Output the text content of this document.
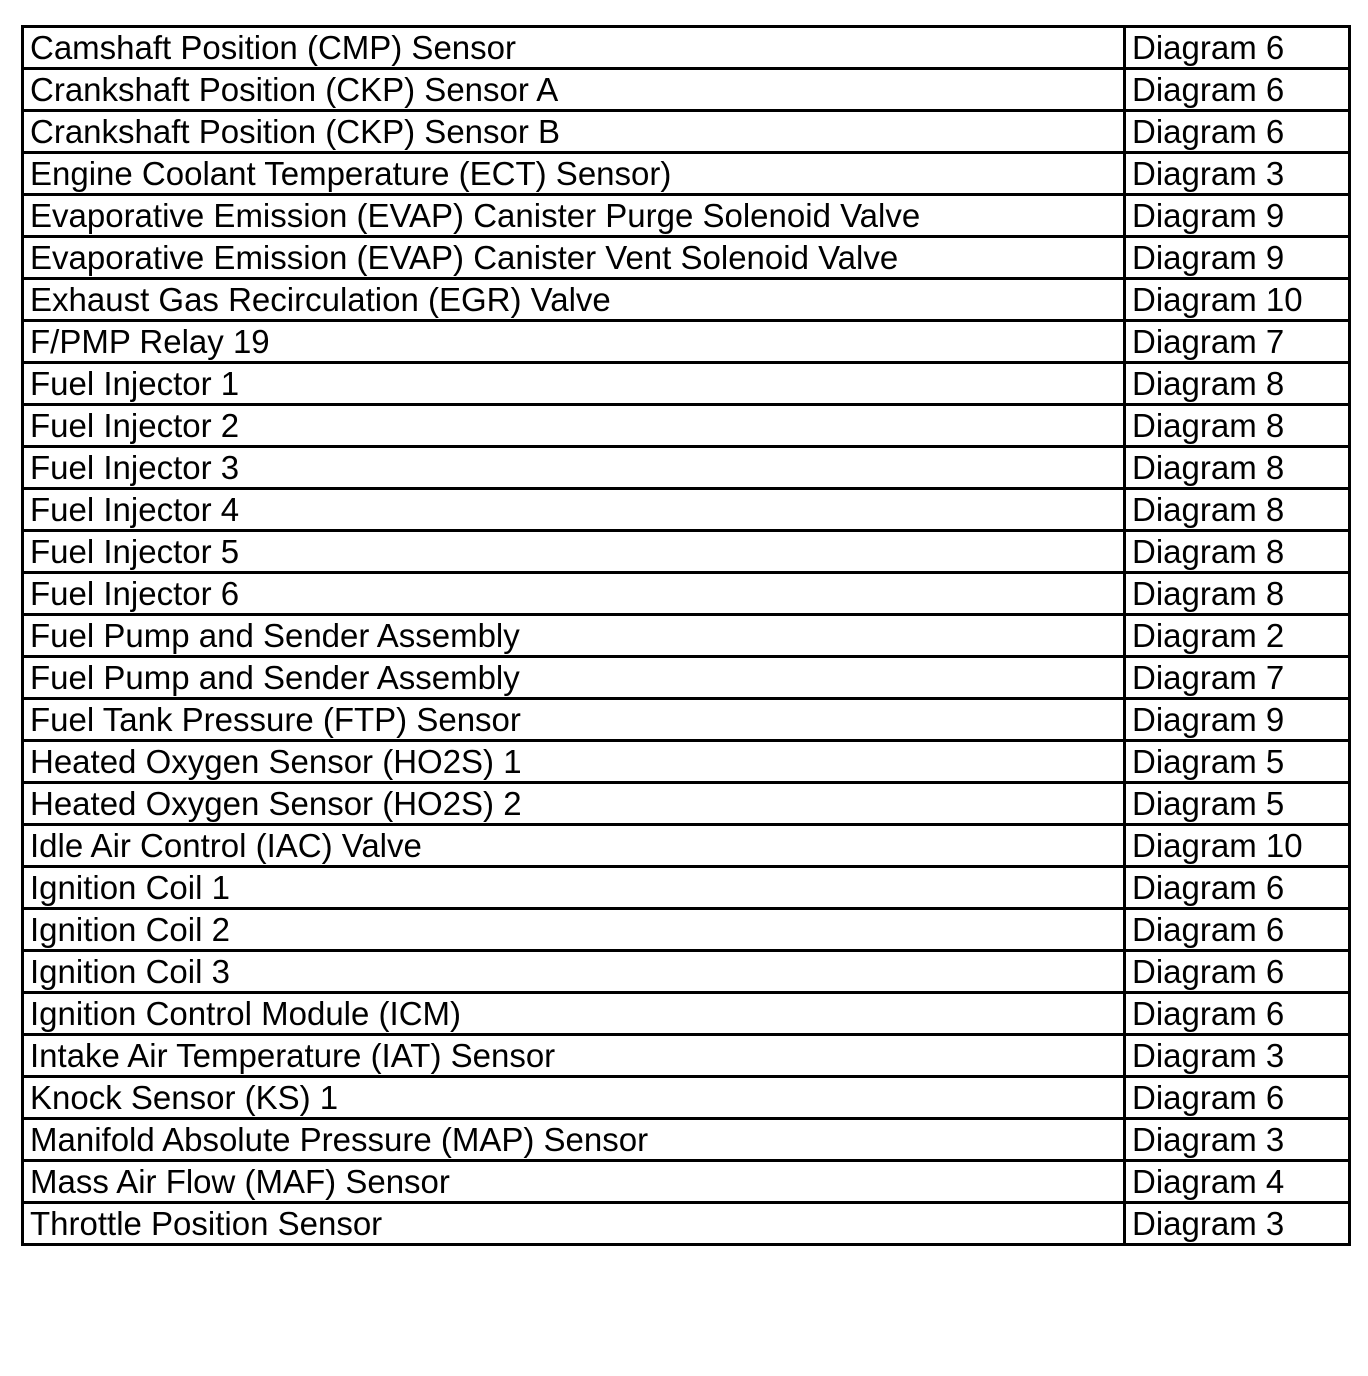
Camshaft Position (CMP) Sensor	Diagram 6
Crankshaft Position (CKP) Sensor A	Diagram 6
Crankshaft Position (CKP) Sensor B	Diagram 6
Engine Coolant Temperature (ECT) Sensor)	Diagram 3
Evaporative Emission (EVAP) Canister Purge Solenoid Valve	Diagram 9
Evaporative Emission (EVAP) Canister Vent Solenoid Valve	Diagram 9
Exhaust Gas Recirculation (EGR) Valve	Diagram 10
F/PMP Relay 19	Diagram 7
Fuel Injector 1	Diagram 8
Fuel Injector 2	Diagram 8
Fuel Injector 3	Diagram 8
Fuel Injector 4	Diagram 8
Fuel Injector 5	Diagram 8
Fuel Injector 6	Diagram 8
Fuel Pump and Sender Assembly	Diagram 2
Fuel Pump and Sender Assembly	Diagram 7
Fuel Tank Pressure (FTP) Sensor	Diagram 9
Heated Oxygen Sensor (HO2S) 1	Diagram 5
Heated Oxygen Sensor (HO2S) 2	Diagram 5
Idle Air Control (IAC) Valve	Diagram 10
Ignition Coil 1	Diagram 6
Ignition Coil 2	Diagram 6
Ignition Coil 3	Diagram 6
Ignition Control Module (ICM)	Diagram 6
Intake Air Temperature (IAT) Sensor	Diagram 3
Knock Sensor (KS) 1	Diagram 6
Manifold Absolute Pressure (MAP) Sensor	Diagram 3
Mass Air Flow (MAF) Sensor	Diagram 4
Throttle Position Sensor	Diagram 3
